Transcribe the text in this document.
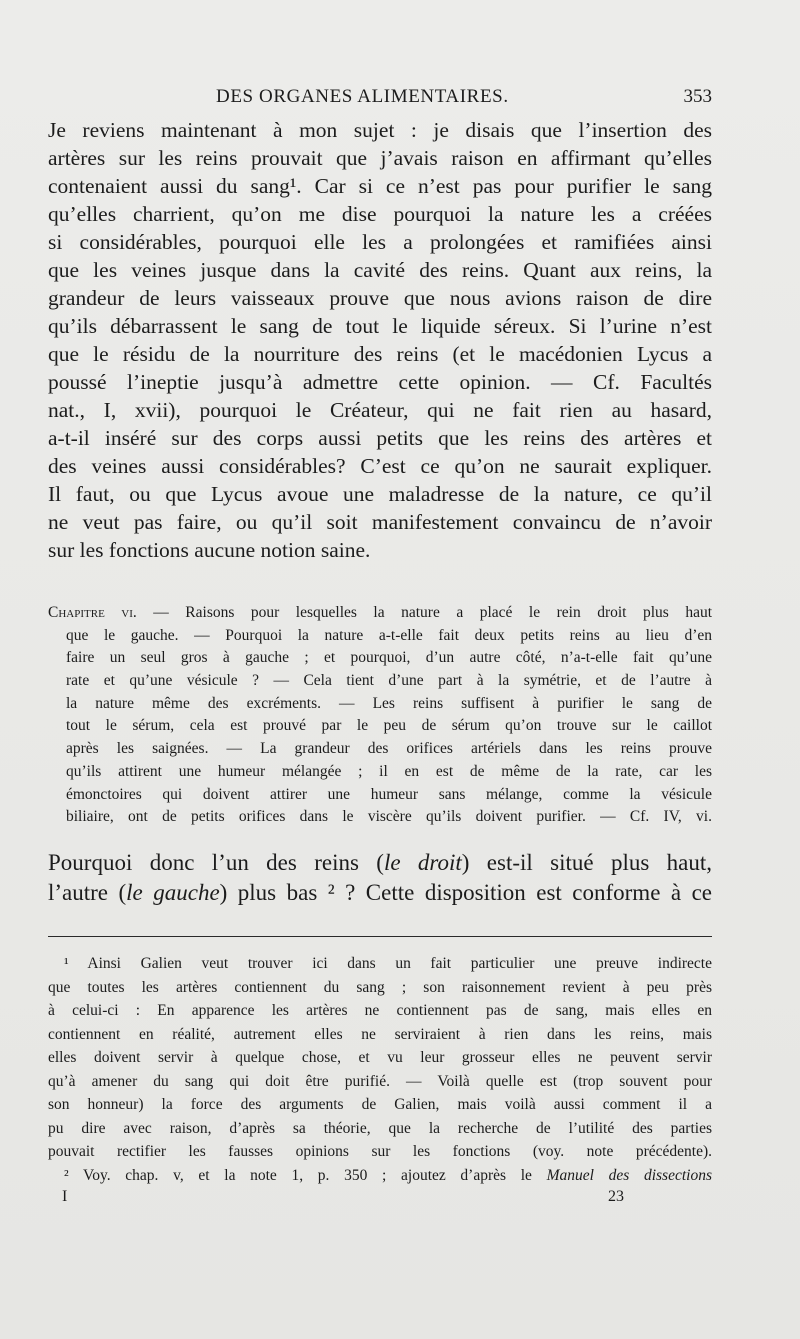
DES ORGANES ALIMENTAIRES.	353
Je reviens maintenant à mon sujet : je disais que l’insertion des
artères sur les reins prouvait que j’avais raison en affirmant qu’elles
contenaient aussi du sang¹. Car si ce n’est pas pour purifier le sang
qu’elles charrient, qu’on me dise pourquoi la nature les a créées
si considérables, pourquoi elle les a prolongées et ramifiées ainsi
que les veines jusque dans la cavité des reins. Quant aux reins, la
grandeur de leurs vaisseaux prouve que nous avions raison de dire
qu’ils débarrassent le sang de tout le liquide séreux. Si l’urine n’est
que le résidu de la nourriture des reins (et le macédonien Lycus a
poussé l’ineptie jusqu’à admettre cette opinion. — Cf. Facultés
nat., I, xvii), pourquoi le Créateur, qui ne fait rien au hasard,
a-t-il inséré sur des corps aussi petits que les reins des artères et
des veines aussi considérables? C’est ce qu’on ne saurait expliquer.
Il faut, ou que Lycus avoue une maladresse de la nature, ce qu’il
ne veut pas faire, ou qu’il soit manifestement convaincu de n’avoir
sur les fonctions aucune notion saine.
Chapitre vi. — Raisons pour lesquelles la nature a placé le rein droit plus haut
que le gauche. — Pourquoi la nature a-t-elle fait deux petits reins au lieu d’en
faire un seul gros à gauche ; et pourquoi, d’un autre côté, n’a-t-elle fait qu’une
rate et qu’une vésicule ? — Cela tient d’une part à la symétrie, et de l’autre à
la nature même des excréments. — Les reins suffisent à purifier le sang de
tout le sérum, cela est prouvé par le peu de sérum qu’on trouve sur le caillot
après les saignées. — La grandeur des orifices artériels dans les reins prouve
qu’ils attirent une humeur mélangée ; il en est de même de la rate, car les
émonctoires qui doivent attirer une humeur sans mélange, comme la vésicule
biliaire, ont de petits orifices dans le viscère qu’ils doivent purifier. — Cf. IV, vi.
Pourquoi donc l’un des reins (le droit) est-il situé plus haut,
l’autre (le gauche) plus bas ² ? Cette disposition est conforme à ce
¹ Ainsi Galien veut trouver ici dans un fait particulier une preuve indirecte
que toutes les artères contiennent du sang ; son raisonnement revient à peu près
à celui-ci : En apparence les artères ne contiennent pas de sang, mais elles en
contiennent en réalité, autrement elles ne serviraient à rien dans les reins, mais
elles doivent servir à quelque chose, et vu leur grosseur elles ne peuvent servir
qu’à amener du sang qui doit être purifié. — Voilà quelle est (trop souvent pour
son honneur) la force des arguments de Galien, mais voilà aussi comment il a
pu dire avec raison, d’après sa théorie, que la recherche de l’utilité des parties
pouvait rectifier les fausses opinions sur les fonctions (voy. note précédente).
² Voy. chap. v, et la note 1, p. 350 ; ajoutez d’après le Manuel des dissections
I	23
